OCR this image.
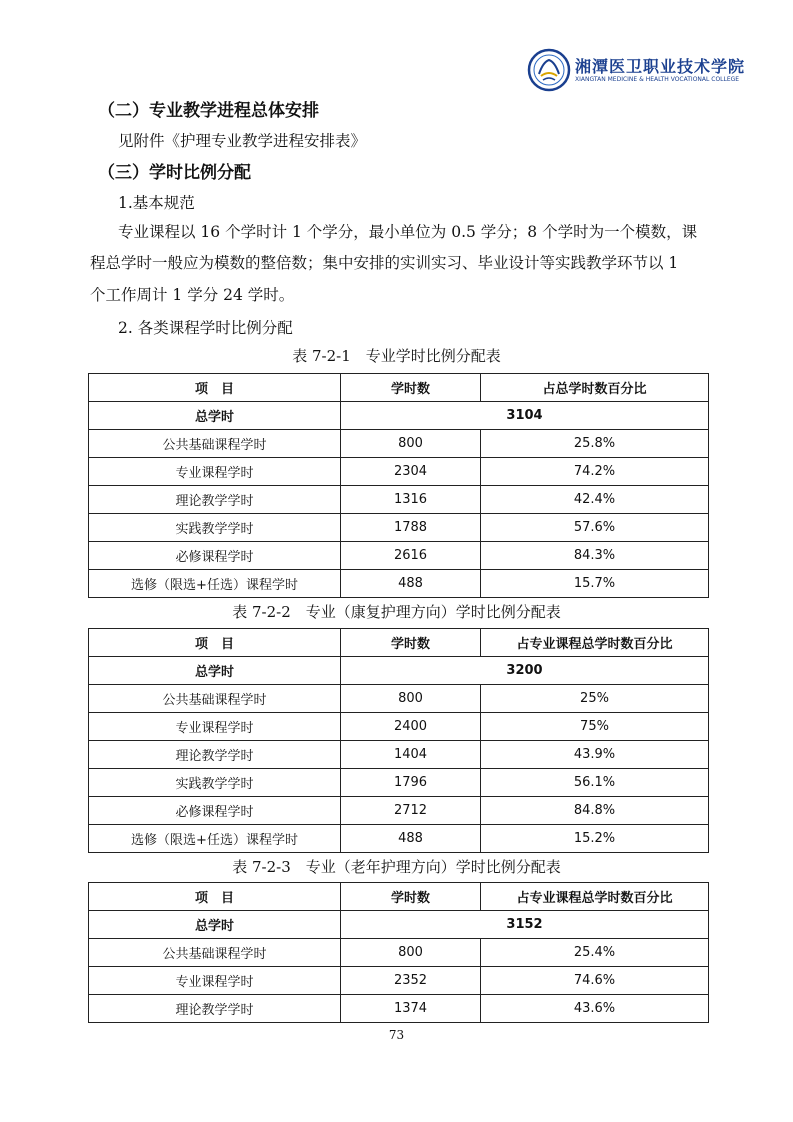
湘潭医卫职业技术学院
XIANGTAN MEDICINE & HEALTH VOCATIONAL COLLEGE
（二）专业教学进程总体安排
见附件《护理专业教学进程安排表》
（三）学时比例分配
1.基本规范
专业课程以 16 个学时计 1 个学分，最小单位为 0.5 学分；8 个学时为一个模数，课
程总学时一般应为模数的整倍数；集中安排的实训实习、毕业设计等实践教学环节以 1
个工作周计 1 学分 24 学时。
2. 各类课程学时比例分配
表 7-2-1　专业学时比例分配表
项　目	学时数	占总学时数百分比
总学时	3104	
公共基础课程学时	800	25.8%
专业课程学时	2304	74.2%
理论教学学时	1316	42.4%
实践教学学时	1788	57.6%
必修课程学时	2616	84.3%
选修（限选+任选）课程学时	488	15.7%
表 7-2-2　专业（康复护理方向）学时比例分配表
项　目	学时数	占专业课程总学时数百分比
总学时	3200	
公共基础课程学时	800	25%
专业课程学时	2400	75%
理论教学学时	1404	43.9%
实践教学学时	1796	56.1%
必修课程学时	2712	84.8%
选修（限选+任选）课程学时	488	15.2%
表 7-2-3　专业（老年护理方向）学时比例分配表
项　目	学时数	占专业课程总学时数百分比
总学时	3152	
公共基础课程学时	800	25.4%
专业课程学时	2352	74.6%
理论教学学时	1374	43.6%
73
